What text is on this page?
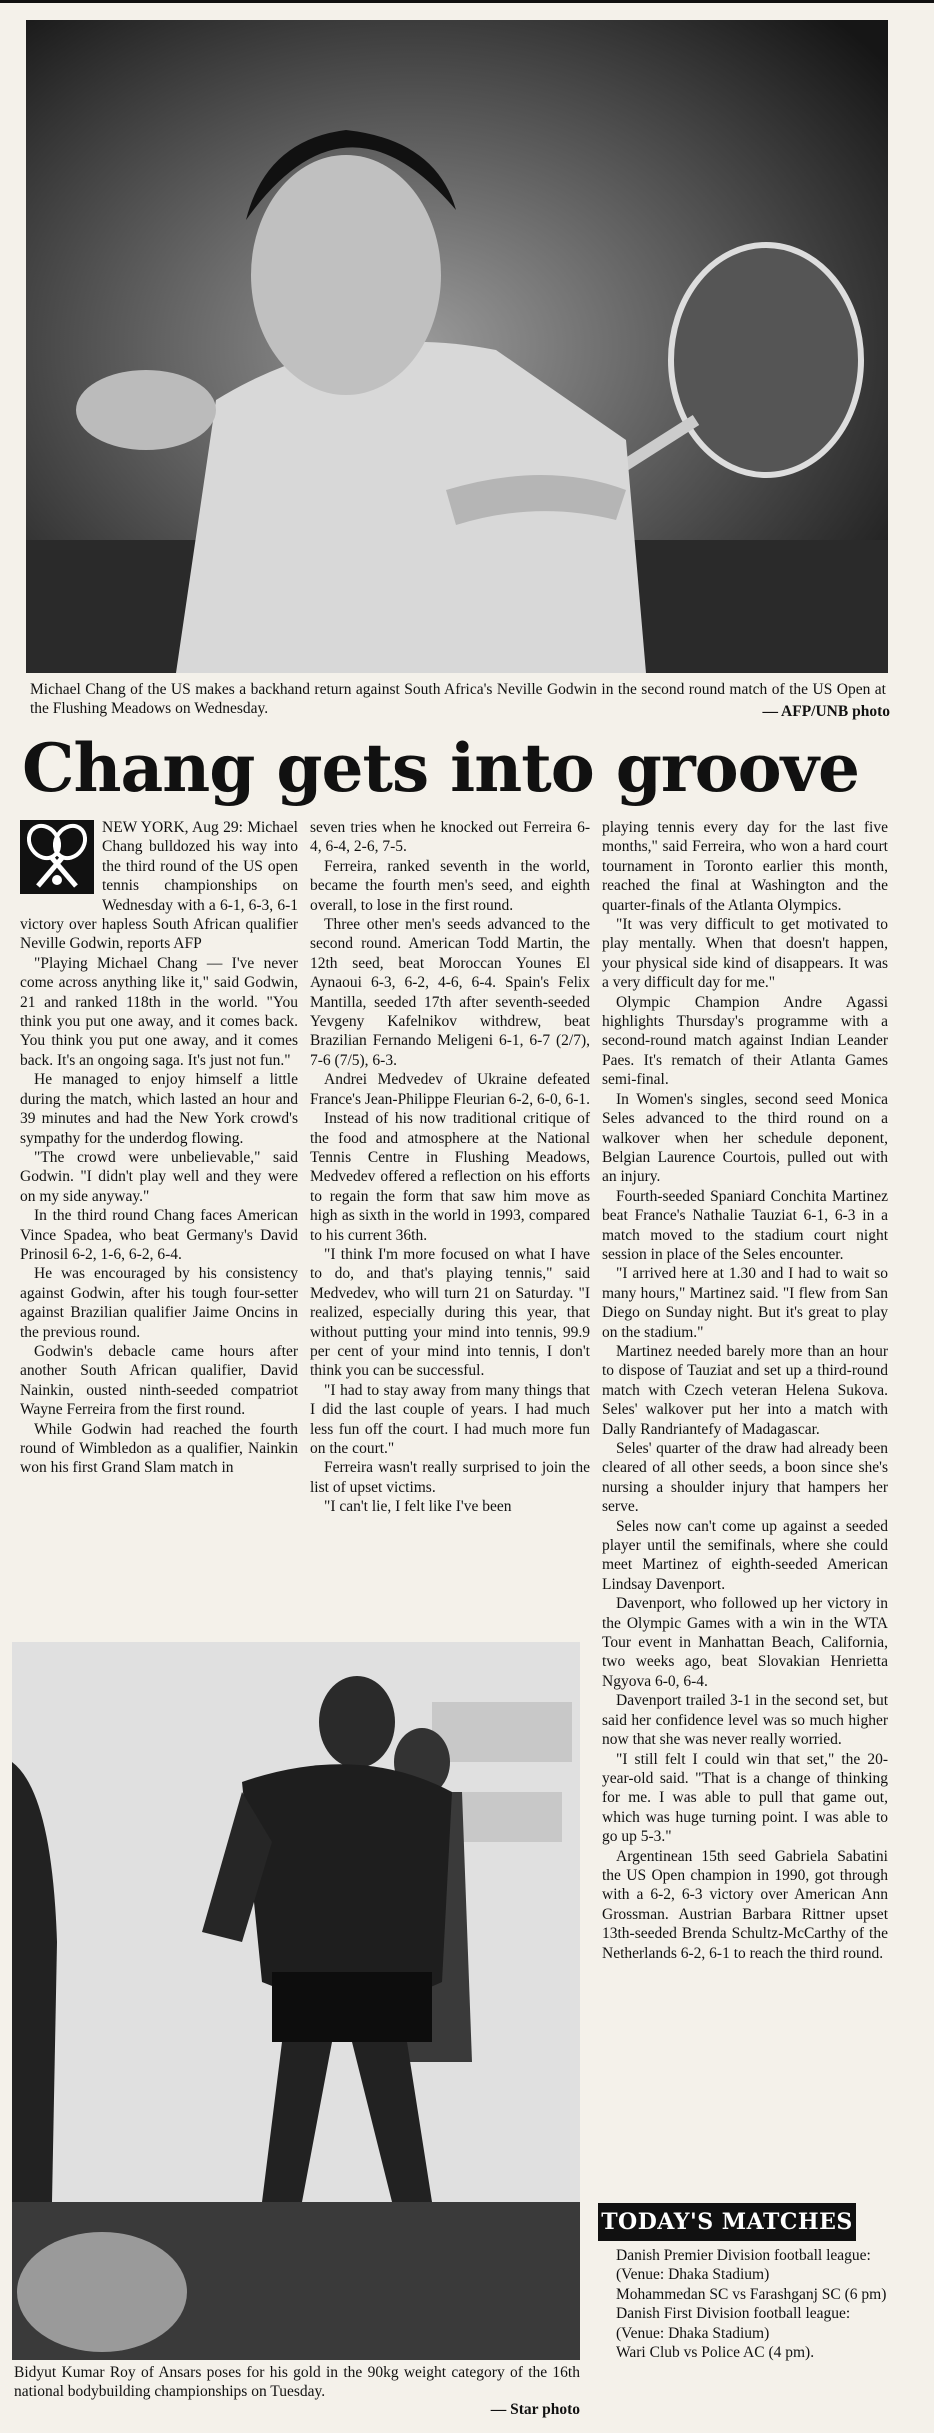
Michael Chang of the US makes a backhand return against South Africa's Neville Godwin in the second round match of the US Open at the Flushing Meadows on Wednesday.	— AFP/UNB photo
Chang gets into groove

NEW YORK, Aug 29: Michael Chang bulldozed his way into the third round of the US open tennis championships on Wednesday with a 6-1, 6-3, 6-1 victory over hapless South African qualifier Neville Godwin, reports AFP

"Playing Michael Chang — I've never come across anything like it," said Godwin, 21 and ranked 118th in the world. "You think you put one away, and it comes back. You think you put one away, and it comes back. It's an ongoing saga. It's just not fun."

He managed to enjoy himself a little during the match, which lasted an hour and 39 minutes and had the New York crowd's sympathy for the underdog flowing.

"The crowd were unbelievable," said Godwin. "I didn't play well and they were on my side anyway."

In the third round Chang faces American Vince Spadea, who beat Germany's David Prinosil 6-2, 1-6, 6-2, 6-4.

He was encouraged by his consistency against Godwin, after his tough four-setter against Brazilian qualifier Jaime Oncins in the previous round.

Godwin's debacle came hours after another South African qualifier, David Nainkin, ousted ninth-seeded compatriot Wayne Ferreira from the first round.

While Godwin had reached the fourth round of Wimbledon as a qualifier, Nainkin won his first Grand Slam match in

seven tries when he knocked out Ferreira 6-4, 6-4, 2-6, 7-5.

Ferreira, ranked seventh in the world, became the fourth men's seed, and eighth overall, to lose in the first round.

Three other men's seeds advanced to the second round. American Todd Martin, the 12th seed, beat Moroccan Younes El Aynaoui 6-3, 6-2, 4-6, 6-4. Spain's Felix Mantilla, seeded 17th after seventh-seeded Yevgeny Kafelnikov withdrew, beat Brazilian Fernando Meligeni 6-1, 6-7 (2/7), 7-6 (7/5), 6-3.

Andrei Medvedev of Ukraine defeated France's Jean-Philippe Fleurian 6-2, 6-0, 6-1.

Instead of his now traditional critique of the food and atmosphere at the National Tennis Centre in Flushing Meadows, Medvedev offered a reflection on his efforts to regain the form that saw him move as high as sixth in the world in 1993, compared to his current 36th.

"I think I'm more focused on what I have to do, and that's playing tennis," said Medvedev, who will turn 21 on Saturday. "I realized, especially during this year, that without putting your mind into tennis, 99.9 per cent of your mind into tennis, I don't think you can be successful.

"I had to stay away from many things that I did the last couple of years. I had much less fun off the court. I had much more fun on the court."

Ferreira wasn't really surprised to join the list of upset victims.

"I can't lie, I felt like I've been

playing tennis every day for the last five months," said Ferreira, who won a hard court tournament in Toronto earlier this month, reached the final at Washington and the quarter-finals of the Atlanta Olympics.

"It was very difficult to get motivated to play mentally. When that doesn't happen, your physical side kind of disappears. It was a very difficult day for me."

Olympic Champion Andre Agassi highlights Thursday's programme with a second-round match against Indian Leander Paes. It's rematch of their Atlanta Games semi-final.

In Women's singles, second seed Monica Seles advanced to the third round on a walkover when her schedule deponent, Belgian Laurence Courtois, pulled out with an injury.

Fourth-seeded Spaniard Conchita Martinez beat France's Nathalie Tauziat 6-1, 6-3 in a match moved to the stadium court night session in place of the Seles encounter.

"I arrived here at 1.30 and I had to wait so many hours," Martinez said. "I flew from San Diego on Sunday night. But it's great to play on the stadium."

Martinez needed barely more than an hour to dispose of Tauziat and set up a third-round match with Czech veteran Helena Sukova. Seles' walkover put her into a match with Dally Randriantefy of Madagascar.

Seles' quarter of the draw had already been cleared of all other seeds, a boon since she's nursing a shoulder injury that hampers her serve.

Seles now can't come up against a seeded player until the semifinals, where she could meet Martinez of eighth-seeded American Lindsay Davenport.

Davenport, who followed up her victory in the Olympic Games with a win in the WTA Tour event in Manhattan Beach, California, two weeks ago, beat Slovakian Henrietta Ngyova 6-0, 6-4.

Davenport trailed 3-1 in the second set, but said her confidence level was so much higher now that she was never really worried.

"I still felt I could win that set," the 20-year-old said. "That is a change of thinking for me. I was able to pull that game out, which was huge turning point. I was able to go up 5-3."

Argentinean 15th seed Gabriela Sabatini the US Open champion in 1990, got through with a 6-2, 6-3 victory over American Ann Grossman. Austrian Barbara Rittner upset 13th-seeded Brenda Schultz-McCarthy of the Netherlands 6-2, 6-1 to reach the third round.

Bidyut Kumar Roy of Ansars poses for his gold in the 90kg weight category of the 16th national bodybuilding championships on Tuesday.
— Star photo
TODAY'S MATCHES

Danish Premier Division football league:

(Venue: Dhaka Stadium)

Mohammedan SC vs Farashganj SC (6 pm)

Danish First Division football league:

(Venue: Dhaka Stadium)

Wari Club vs Police AC (4 pm).
